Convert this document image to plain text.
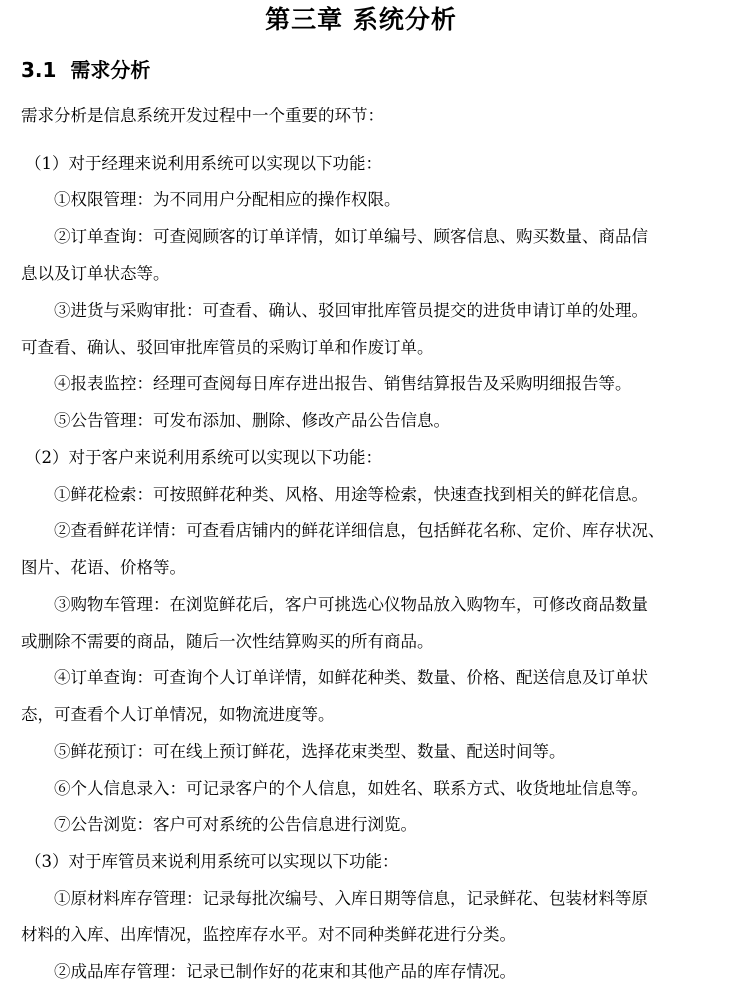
第三章 系统分析
3.1 需求分析
需求分析是信息系统开发过程中一个重要的环节：
（1）对于经理来说利用系统可以实现以下功能：
①权限管理：为不同用户分配相应的操作权限。
②订单查询：可查阅顾客的订单详情，如订单编号、顾客信息、购买数量、商品信
息以及订单状态等。
③进货与采购审批：可查看、确认、驳回审批库管员提交的进货申请订单的处理。
可查看、确认、驳回审批库管员的采购订单和作废订单。
④报表监控：经理可查阅每日库存进出报告、销售结算报告及采购明细报告等。
⑤公告管理：可发布添加、删除、修改产品公告信息。
（2）对于客户来说利用系统可以实现以下功能：
①鲜花检索：可按照鲜花种类、风格、用途等检索，快速查找到相关的鲜花信息。
②查看鲜花详情：可查看店铺内的鲜花详细信息，包括鲜花名称、定价、库存状况、
图片、花语、价格等。
③购物车管理：在浏览鲜花后，客户可挑选心仪物品放入购物车，可修改商品数量
或删除不需要的商品，随后一次性结算购买的所有商品。
④订单查询：可查询个人订单详情，如鲜花种类、数量、价格、配送信息及订单状
态，可查看个人订单情况，如物流进度等。
⑤鲜花预订：可在线上预订鲜花，选择花束类型、数量、配送时间等。
⑥个人信息录入：可记录客户的个人信息，如姓名、联系方式、收货地址信息等。
⑦公告浏览：客户可对系统的公告信息进行浏览。
（3）对于库管员来说利用系统可以实现以下功能：
①原材料库存管理：记录每批次编号、入库日期等信息，记录鲜花、包装材料等原
材料的入库、出库情况，监控库存水平。对不同种类鲜花进行分类。
②成品库存管理：记录已制作好的花束和其他产品的库存情况。
